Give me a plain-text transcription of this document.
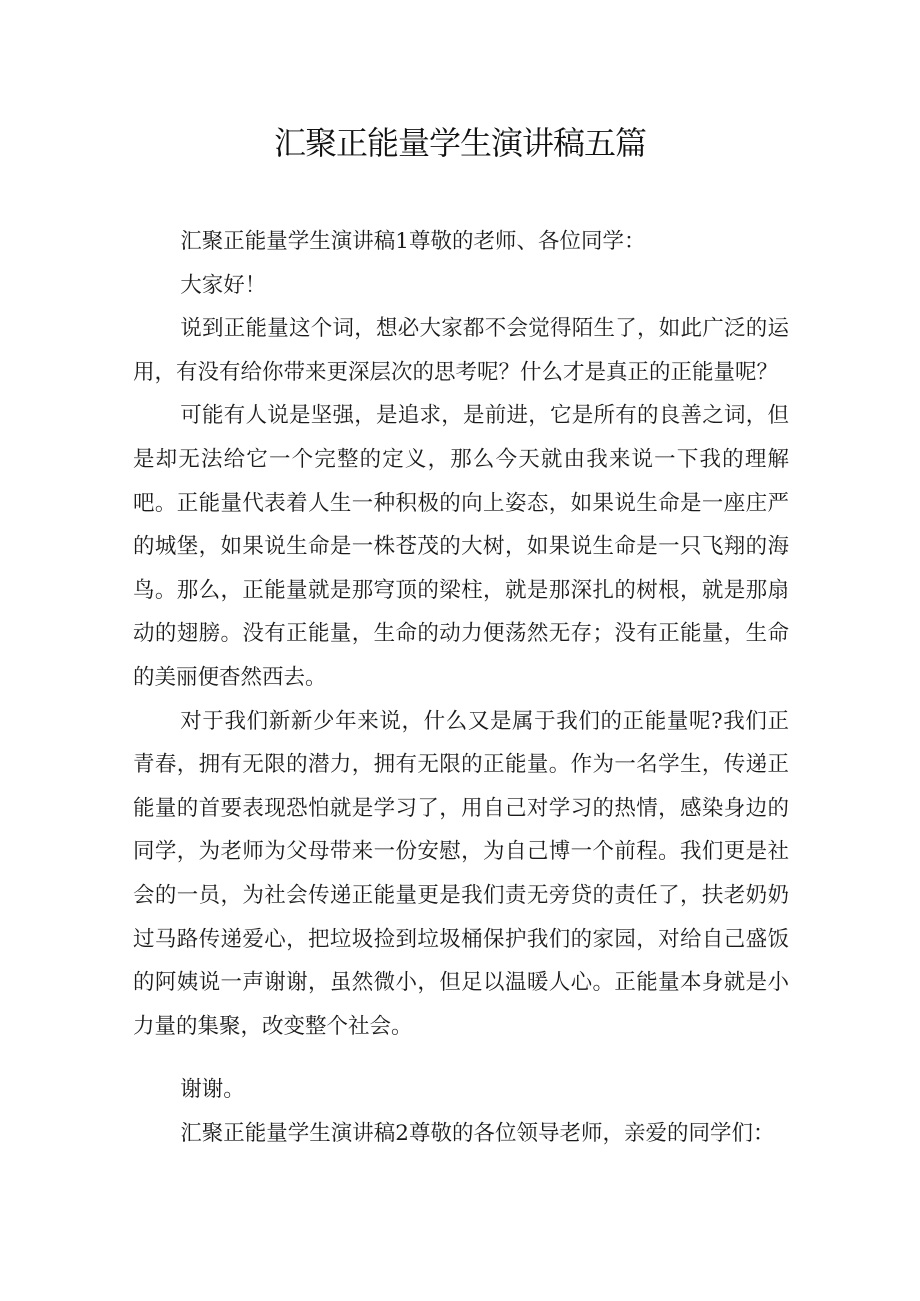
汇聚正能量学生演讲稿五篇

汇聚正能量学生演讲稿1尊敬的老师、各位同学：

大家好！

说到正能量这个词，想必大家都不会觉得陌生了，如此广泛的运用，有没有给你带来更深层次的思考呢？什么才是真正的正能量呢？

可能有人说是坚强，是追求，是前进，它是所有的良善之词，但是却无法给它一个完整的定义，那么今天就由我来说一下我的理解吧。正能量代表着人生一种积极的向上姿态，如果说生命是一座庄严的城堡，如果说生命是一株苍茂的大树，如果说生命是一只飞翔的海鸟。那么，正能量就是那穹顶的梁柱，就是那深扎的树根，就是那扇动的翅膀。没有正能量，生命的动力便荡然无存；没有正能量，生命的美丽便杳然西去。

对于我们新新少年来说，什么又是属于我们的正能量呢?我们正青春，拥有无限的潜力，拥有无限的正能量。作为一名学生，传递正能量的首要表现恐怕就是学习了，用自己对学习的热情，感染身边的同学，为老师为父母带来一份安慰，为自己博一个前程。我们更是社会的一员，为社会传递正能量更是我们责无旁贷的责任了，扶老奶奶过马路传递爱心，把垃圾捡到垃圾桶保护我们的家园，对给自己盛饭的阿姨说一声谢谢，虽然微小，但足以温暖人心。正能量本身就是小力量的集聚，改变整个社会。

谢谢。

汇聚正能量学生演讲稿2尊敬的各位领导老师，亲爱的同学们：
